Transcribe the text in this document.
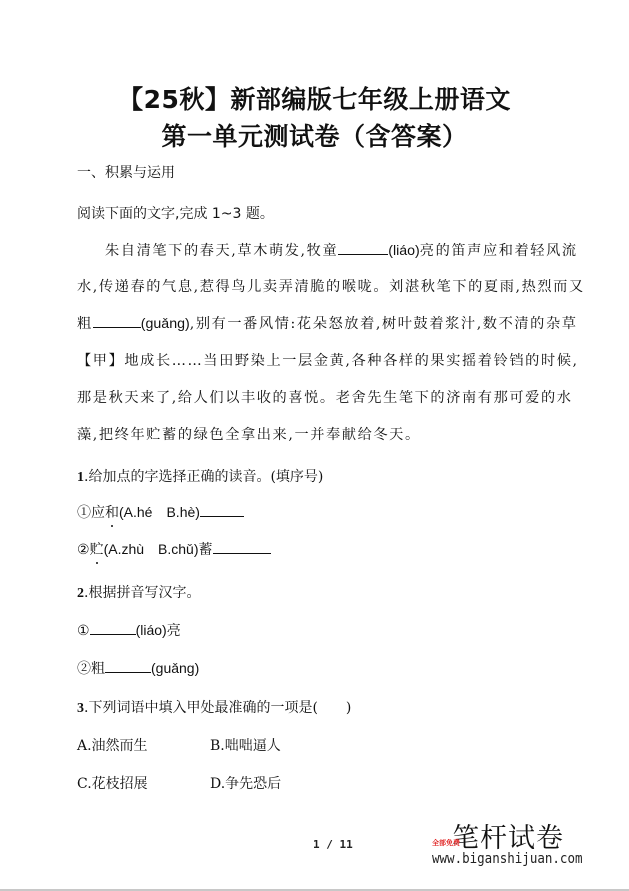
【25秋】新部编版七年级上册语文
第一单元测试卷（含答案）
一、积累与运用
阅读下面的文字,完成 1~3 题。
朱自清笔下的春天,草木萌发,牧童	(liáo)亮的笛声应和着轻风流
水,传递春的气息,惹得鸟儿卖弄清脆的喉咙。刘湛秋笔下的夏雨,热烈而又
粗	(guǎng),别有一番风情:花朵怒放着,树叶鼓着浆汁,数不清的杂草
【甲】地成长……当田野染上一层金黄,各种各样的果实摇着铃铛的时候,
那是秋天来了,给人们以丰收的喜悦。老舍先生笔下的济南有那可爱的水
藻,把终年贮蓄的绿色全拿出来,一并奉献给冬天。
1.给加点的字选择正确的读音。(填序号)
①应和(A.hé　B.hè)
②贮(A.zhù　B.chǔ)蓄
2.根据拼音写汉字。
①	(liáo)亮
②粗	(guǎng)
3.下列词语中填入甲处最准确的一项是(　　)
A.油然而生	B.咄咄逼人
C.花枝招展	D.争先恐后
1 / 11	笔杆试卷
全部免费
www.biganshijuan.com
